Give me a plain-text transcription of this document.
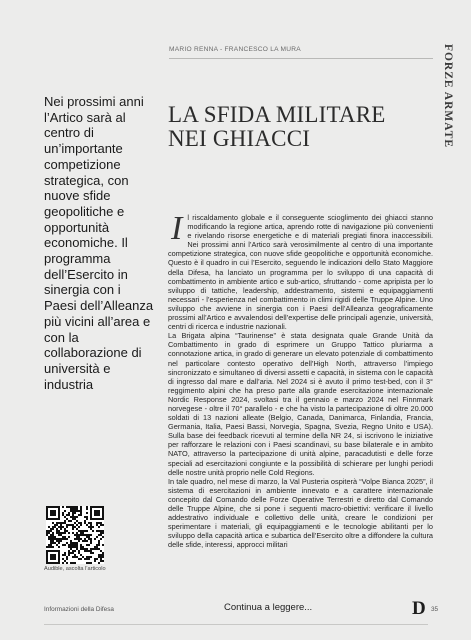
MARIO RENNA - FRANCESCO LA MURA	FORZE ARMATE
Nei prossimi anni l’Artico sarà al centro di un’importante competizione strategica, con nuove sfide geopolitiche e opportunità economiche. Il programma dell’Esercito in sinergia con i Paesi dell’Alleanza più vicini all’area e con la collaborazione di università e industria
LA SFIDA MILITARE
NEI GHIACCI

Il riscaldamento globale e il conseguente scioglimento dei ghiacci stanno modificando la regione artica, aprendo rotte di navigazione più convenienti e rivelando risorse energetiche e di materiali pregiati finora inaccessibili. Nei prossimi anni l’Artico sarà verosimilmente al centro di una importante competizione strategica, con nuove sfide geopolitiche e opportunità economiche. Questo è il quadro in cui l’Esercito, seguendo le indicazioni dello Stato Maggiore della Difesa, ha lanciato un programma per lo sviluppo di una capacità di combattimento in ambiente artico e sub-artico, sfruttando - come apripista per lo sviluppo di tattiche, leadership, addestramento, sistemi e equipaggiamenti necessari - l’esperienza nel combattimento in climi rigidi delle Truppe Alpine. Uno sviluppo che avviene in sinergia con i Paesi dell’Alleanza geograficamente prossimi all’Artico e avvalendosi dell’expertise delle principali agenzie, università, centri di ricerca e industrie nazionali.

La Brigata alpina “Taurinense” è stata designata quale Grande Unità da Combattimento in grado di esprimere un Gruppo Tattico pluriarma a connotazione artica, in grado di generare un elevato potenziale di combattimento nel particolare contesto operativo dell’High North, attraverso l’impiego sincronizzato e simultaneo di diversi assetti e capacità, in sistema con le capacità di ingresso dal mare e dall’aria. Nel 2024 si è avuto il primo test-bed, con il 3° reggimento alpini che ha preso parte alla grande esercitazione internazionale Nordic Response 2024, svoltasi tra il gennaio e marzo 2024 nel Finnmark norvegese - oltre il 70° parallelo - e che ha visto la partecipazione di oltre 20.000 soldati di 13 nazioni alleate (Belgio, Canada, Danimarca, Finlandia, Francia, Germania, Italia, Paesi Bassi, Norvegia, Spagna, Svezia, Regno Unito e USA). Sulla base dei feedback ricevuti al termine della NR 24, si iscrivono le iniziative per rafforzare le relazioni con i Paesi scandinavi, su base bilaterale e in ambito NATO, attraverso la partecipazione di unità alpine, paracadutisti e delle forze speciali ad esercitazioni congiunte e la possibilità di schierare per lunghi periodi delle nostre unità proprio nelle Cold Regions.

In tale quadro, nel mese di marzo, la Val Pusteria ospiterà “Volpe Bianca 2025”, il sistema di esercitazioni in ambiente innevato e a carattere internazionale concepito dal Comando delle Forze Operative Terrestri e diretto dal Comando delle Truppe Alpine, che si pone i seguenti macro-obiettivi: verificare il livello addestrativo individuale e collettivo delle unità, creare le condizioni per sperimentare i materiali, gli equipaggiamenti e le tecnologie abilitanti per lo sviluppo della capacità artica e subartica dell’Esercito oltre a diffondere la cultura delle sfide, interessi, approcci militari

Audible, ascolta l’articolo
Informazioni della Difesa	Continua a leggere...	D 35
